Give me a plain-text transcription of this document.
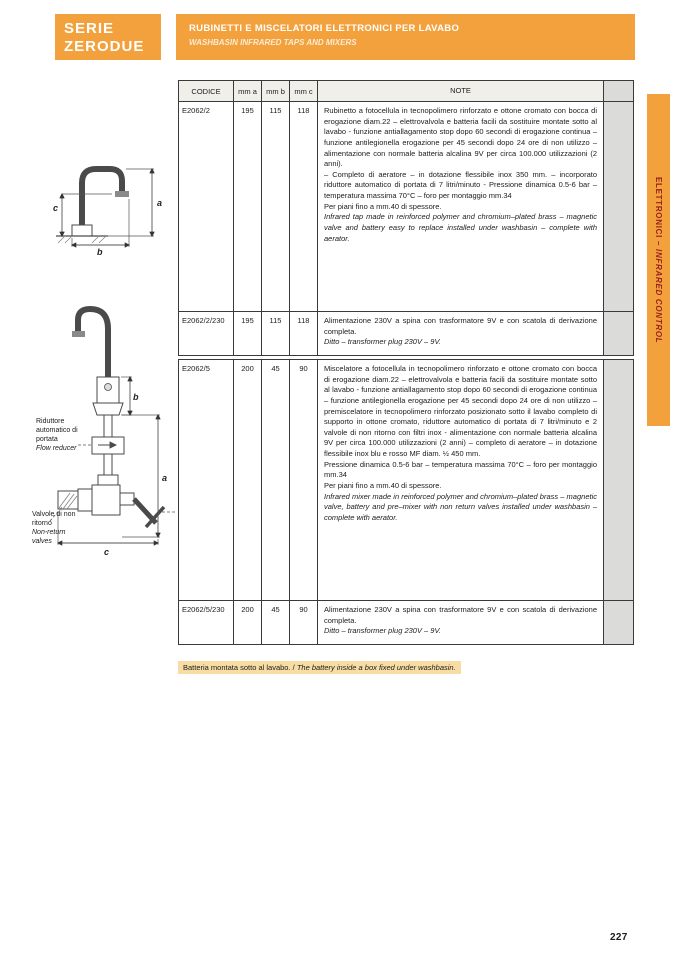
SERIE
ZERODUE
RUBINETTI E MISCELATORI ELETTRONICI PER LAVABO
WASHBASIN INFRARED TAPS AND MIXERS
ELETTRONICI – INFRARED CONTROL
a
c
b
b
a
c
Riduttore automatico di portata
Flow reducer
Valvole di non ritorno
Non-return valves
CODICE	mm a	mm b	mm c	NOTE
E2062/2	195	115	118	Rubinetto a fotocellula in tecnopolimero rinforzato e ottone cromato con bocca di erogazione diam.22 – elettrovalvola e batteria facili da sostituire montate sotto al lavabo - funzione antiallagamento stop dopo 60 secondi di erogazione continua – funzione antilegionella erogazione per 45 secondi dopo 24 ore di non utilizzo – alimentazione con normale batteria alcalina 9V per circa 100.000 utilizzazioni (2 anni).
– Completo di aeratore – in dotazione flessibile inox 350 mm. – incorporato riduttore automatico di portata di 7 litri/minuto - Pressione dinamica 0.5-6 bar – temperatura massima 70°C – foro per montaggio mm.34
Per piani fino a mm.40 di spessore.
Infrared tap made in reinforced polymer and chromium–plated brass – magnetic valve and battery easy to replace installed under washbasin – complete with aerator.
E2062/2/230	195	115	118	Alimentazione 230V a spina con trasformatore 9V e con scatola di derivazione completa.
Ditto – transformer plug 230V – 9V.
E2062/5	200	45	90	Miscelatore a fotocellula in tecnopolimero rinforzato e ottone cromato con bocca di erogazione diam.22 – elettrovalvola e batteria facili da sostituire montate sotto al lavabo - funzione antiallagamento stop dopo 60 secondi di erogazione continua – funzione antilegionella erogazione per 45 secondi dopo 24 ore di non utilizzo – premiscelatore in tecnopolimero rinforzato posizionato sotto il lavabo completo di supporto in ottone cromato, riduttore automatico di portata di 7 litri/minuto e 2 valvole di non ritorno con filtri inox - alimentazione con normale batteria alcalina 9V per circa 100.000 utilizzazioni (2 anni) – completo di aeratore – in dotazione flessibile inox blu e rosso MF diam. ½ 450 mm.
Pressione dinamica 0.5-6 bar – temperatura massima 70°C – foro per montaggio mm.34
Per piani fino a mm.40 di spessore.
Infrared mixer made in reinforced polymer and chromium–plated brass – magnetic valve, battery and pre–mixer with non return valves installed under washbasin – complete with aerator.
E2062/5/230	200	45	90	Alimentazione 230V a spina con trasformatore 9V e con scatola di derivazione completa.
Ditto – transformer plug 230V – 9V.
Batteria montata sotto al lavabo. / The battery inside a box fixed under washbasin.
227
